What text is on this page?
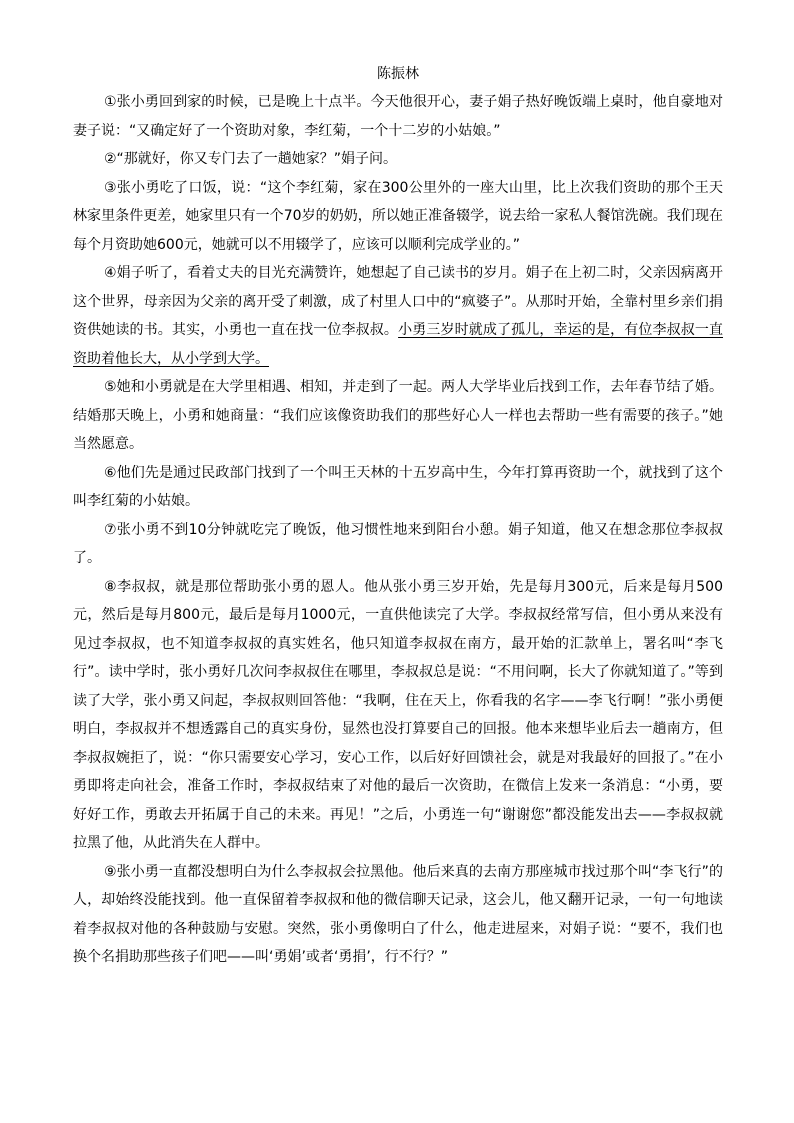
陈振林

①张小勇回到家的时候，已是晚上十点半。今天他很开心，妻子娟子热好晚饭端上桌时，他自豪地对妻子说：“又确定好了一个资助对象，李红菊，一个十二岁的小姑娘。”

②“那就好，你又专门去了一趟她家？”娟子问。

③张小勇吃了口饭，说：“这个李红菊，家在300公里外的一座大山里，比上次我们资助的那个王天林家里条件更差，她家里只有一个70岁的奶奶，所以她正准备辍学，说去给一家私人餐馆洗碗。我们现在每个月资助她600元，她就可以不用辍学了，应该可以顺利完成学业的。”

④娟子听了，看着丈夫的目光充满赞许，她想起了自己读书的岁月。娟子在上初二时，父亲因病离开这个世界，母亲因为父亲的离开受了刺激，成了村里人口中的“疯婆子”。从那时开始，全靠村里乡亲们捐资供她读的书。其实，小勇也一直在找一位李叔叔。小勇三岁时就成了孤儿，幸运的是，有位李叔叔一直资助着他长大，从小学到大学。

⑤她和小勇就是在大学里相遇、相知，并走到了一起。两人大学毕业后找到工作，去年春节结了婚。结婚那天晚上，小勇和她商量：“我们应该像资助我们的那些好心人一样也去帮助一些有需要的孩子。”她当然愿意。

⑥他们先是通过民政部门找到了一个叫王天林的十五岁高中生，今年打算再资助一个，就找到了这个叫李红菊的小姑娘。

⑦张小勇不到10分钟就吃完了晚饭，他习惯性地来到阳台小憩。娟子知道，他又在想念那位李叔叔了。

⑧李叔叔，就是那位帮助张小勇的恩人。他从张小勇三岁开始，先是每月300元，后来是每月500元，然后是每月800元，最后是每月1000元，一直供他读完了大学。李叔叔经常写信，但小勇从来没有见过李叔叔，也不知道李叔叔的真实姓名，他只知道李叔叔在南方，最开始的汇款单上，署名叫“李飞行”。读中学时，张小勇好几次问李叔叔住在哪里，李叔叔总是说：“不用问啊，长大了你就知道了。”等到读了大学，张小勇又问起，李叔叔则回答他：“我啊，住在天上，你看我的名字——李飞行啊！”张小勇便明白，李叔叔并不想透露自己的真实身份，显然也没打算要自己的回报。他本来想毕业后去一趟南方，但李叔叔婉拒了，说：“你只需要安心学习，安心工作，以后好好回馈社会，就是对我最好的回报了。”在小勇即将走向社会，准备工作时，李叔叔结束了对他的最后一次资助，在微信上发来一条消息：“小勇，要好好工作，勇敢去开拓属于自己的未来。再见！”之后，小勇连一句“谢谢您”都没能发出去——李叔叔就拉黑了他，从此消失在人群中。

⑨张小勇一直都没想明白为什么李叔叔会拉黑他。他后来真的去南方那座城市找过那个叫“李飞行”的人，却始终没能找到。他一直保留着李叔叔和他的微信聊天记录，这会儿，他又翻开记录，一句一句地读着李叔叔对他的各种鼓励与安慰。突然，张小勇像明白了什么，他走进屋来，对娟子说：“要不，我们也换个名捐助那些孩子们吧——叫‘勇娟’或者‘勇捐’，行不行？”
